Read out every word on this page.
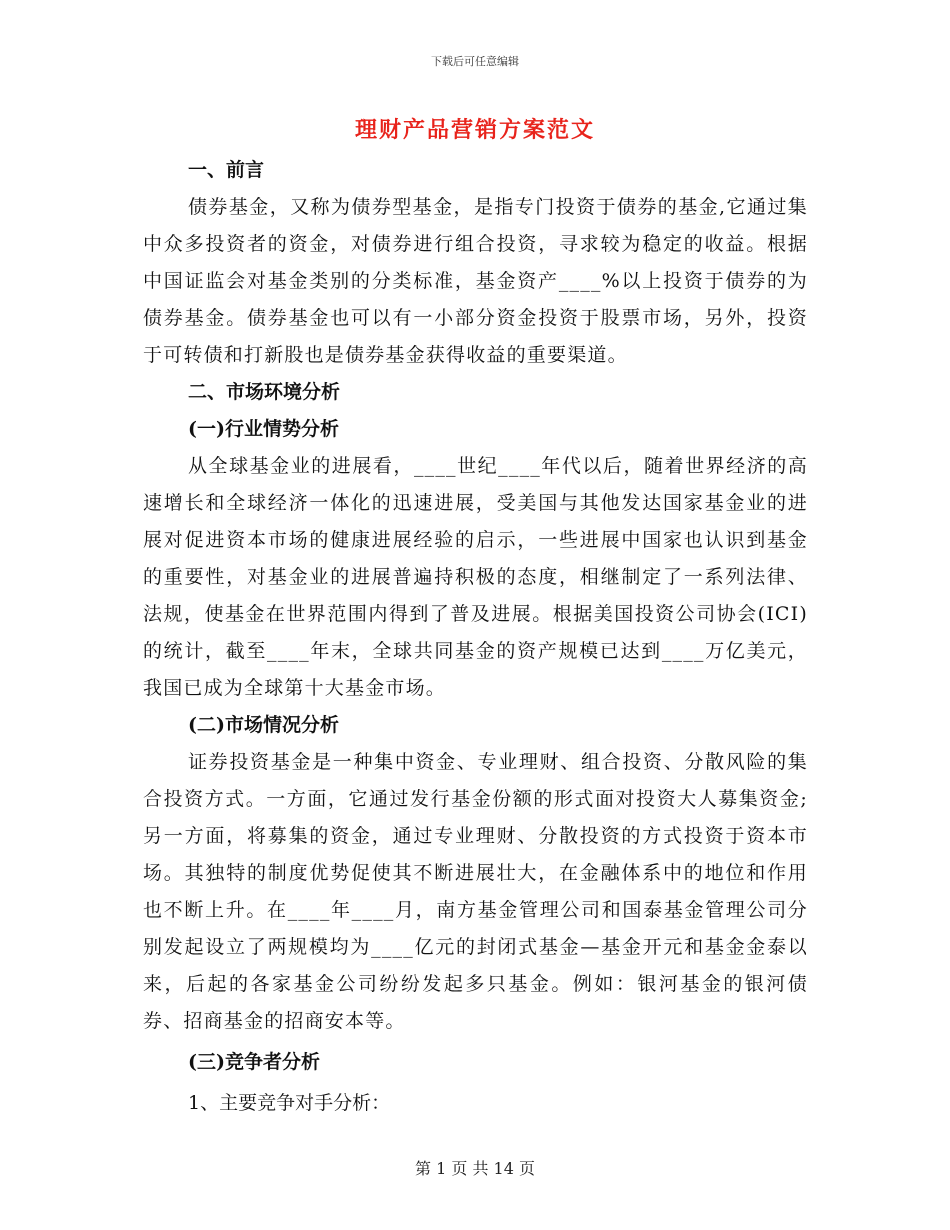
下载后可任意编辑
理财产品营销方案范文

一、前言

债券基金，又称为债券型基金，是指专门投资于债券的基金,它通过集中众多投资者的资金，对债券进行组合投资，寻求较为稳定的收益。根据中国证监会对基金类别的分类标准，基金资产____%以上投资于债券的为债券基金。债券基金也可以有一小部分资金投资于股票市场，另外，投资于可转债和打新股也是债券基金获得收益的重要渠道。

二、市场环境分析

(一)行业情势分析

从全球基金业的进展看，____世纪____年代以后，随着世界经济的高速增长和全球经济一体化的迅速进展，受美国与其他发达国家基金业的进展对促进资本市场的健康进展经验的启示，一些进展中国家也认识到基金的重要性，对基金业的进展普遍持积极的态度，相继制定了一系列法律、法规，使基金在世界范围内得到了普及进展。根据美国投资公司协会(ICI)的统计，截至____年末，全球共同基金的资产规模已达到____万亿美元，我国已成为全球第十大基金市场。

(二)市场情况分析

证券投资基金是一种集中资金、专业理财、组合投资、分散风险的集合投资方式。一方面，它通过发行基金份额的形式面对投资大人募集资金;另一方面，将募集的资金，通过专业理财、分散投资的方式投资于资本市场。其独特的制度优势促使其不断进展壮大，在金融体系中的地位和作用也不断上升。在____年____月，南方基金管理公司和国泰基金管理公司分别发起设立了两规模均为____亿元的封闭式基金—基金开元和基金金泰以来，后起的各家基金公司纷纷发起多只基金。例如：银河基金的银河债券、招商基金的招商安本等。

(三)竞争者分析

1、主要竞争对手分析：

第 1 页 共 14 页
